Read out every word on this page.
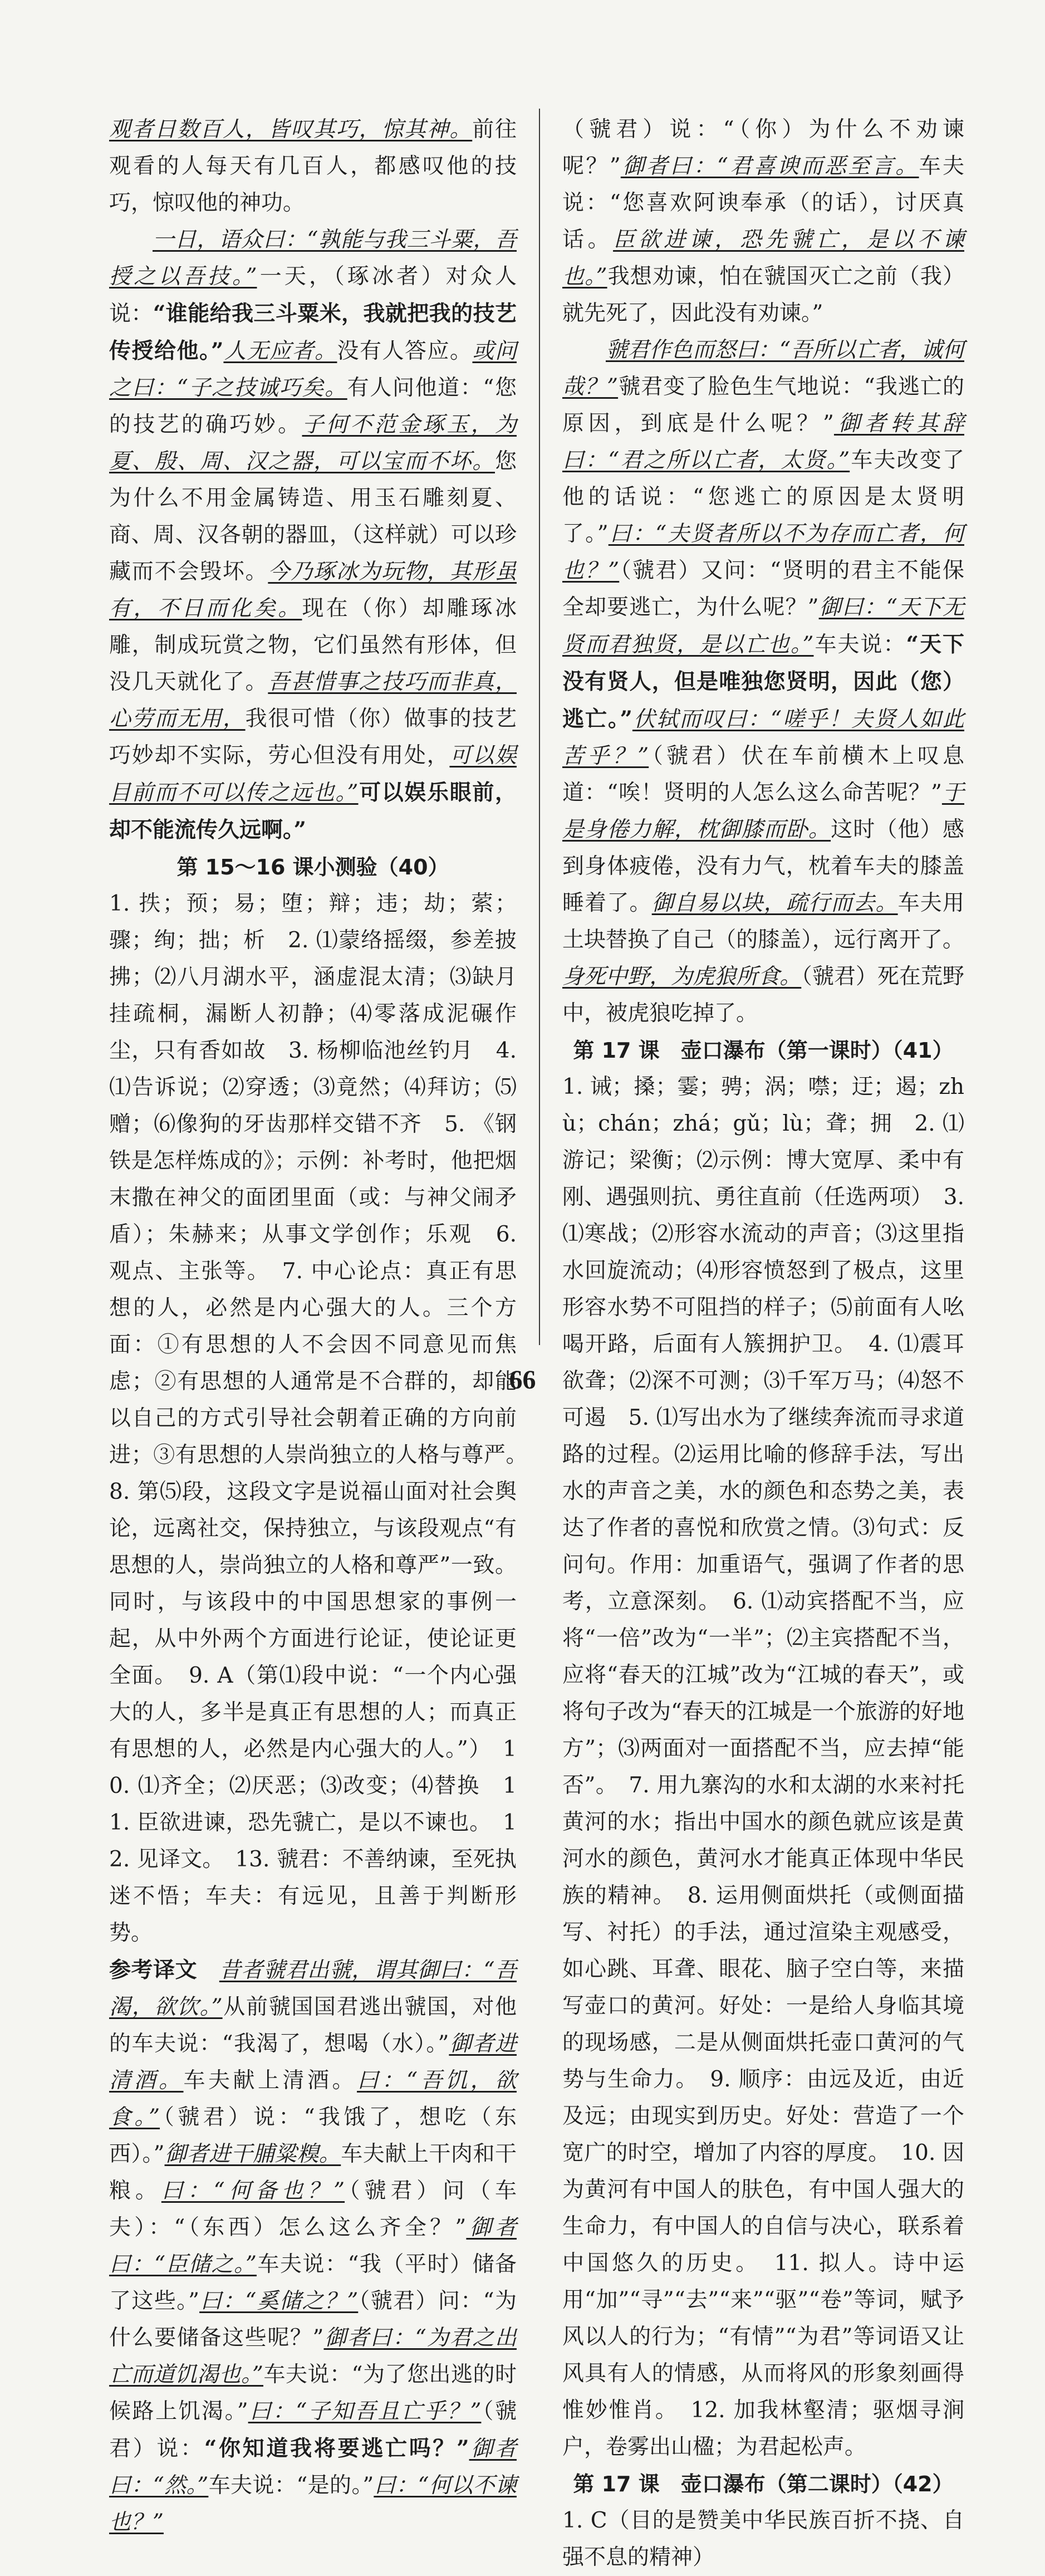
观者日数百人，皆叹其巧，惊其神。前往观看的人每天有几百人，都感叹他的技巧，惊叹他的神功。

一日，语众曰：“孰能与我三斗粟，吾授之以吾技。”一天，（琢冰者）对众人说：“谁能给我三斗粟米，我就把我的技艺传授给他。”人无应者。没有人答应。或问之曰：“子之技诚巧矣。有人问他道：“您的技艺的确巧妙。子何不范金琢玉，为夏、殷、周、汉之器，可以宝而不坏。您为什么不用金属铸造、用玉石雕刻夏、商、周、汉各朝的器皿，（这样就）可以珍藏而不会毁坏。今乃琢冰为玩物，其形虽有，不日而化矣。现在（你）却雕琢冰雕，制成玩赏之物，它们虽然有形体，但没几天就化了。吾甚惜事之技巧而非真，心劳而无用，我很可惜（你）做事的技艺巧妙却不实际，劳心但没有用处，可以娱目前而不可以传之远也。”可以娱乐眼前，却不能流传久远啊。”

第 15～16 课小测验（40）

1. 抶；预；易；堕；辩；违；劫；萦；骤；绚；拙；析　2. ⑴蒙络摇缀，参差披拂；⑵八月湖水平，涵虚混太清；⑶缺月挂疏桐，漏断人初静；⑷零落成泥碾作尘，只有香如故　3. 杨柳临池丝钓月　4. ⑴告诉说；⑵穿透；⑶竟然；⑷拜访；⑸赠；⑹像狗的牙齿那样交错不齐　5. 《钢铁是怎样炼成的》；示例：补考时，他把烟末撒在神父的面团里面（或：与神父闹矛盾）；朱赫来；从事文学创作；乐观　6. 观点、主张等。　7. 中心论点：真正有思想的人，必然是内心强大的人。三个方面：①有思想的人不会因不同意见而焦虑；②有思想的人通常是不合群的，却能以自己的方式引导社会朝着正确的方向前进；③有思想的人崇尚独立的人格与尊严。　8. 第⑸段，这段文字是说福山面对社会舆论，远离社交，保持独立，与该段观点“有思想的人，崇尚独立的人格和尊严”一致。同时，与该段中的中国思想家的事例一起，从中外两个方面进行论证，使论证更全面。　9. A（第⑴段中说：“一个内心强大的人，多半是真正有思想的人；而真正有思想的人，必然是内心强大的人。”）　10. ⑴齐全；⑵厌恶；⑶改变；⑷替换　11. 臣欲进谏，恐先虢亡，是以不谏也。　12. 见译文。　13. 虢君：不善纳谏，至死执迷不悟；车夫：有远见，且善于判断形势。

参考译文　 昔者虢君出虢，谓其御曰：“吾渴，欲饮。”从前虢国国君逃出虢国，对他的车夫说：“我渴了，想喝（水）。”御者进清酒。车夫献上清酒。曰：“吾饥，欲食。”（虢君）说：“我饿了，想吃（东西）。”御者进干脯粱糗。车夫献上干肉和干粮。曰：“何备也？”（虢君）问（车夫）：“（东西）怎么这么齐全？”御者曰：“臣储之。”车夫说：“我（平时）储备了这些。”曰：“奚储之？”（虢君）问：“为什么要储备这些呢？”御者曰：“为君之出亡而道饥渴也。”车夫说：“为了您出逃的时候路上饥渴。”曰：“子知吾且亡乎？”（虢君）说：“你知道我将要逃亡吗？”御者曰：“然。”车夫说：“是的。”曰：“何以不谏也？”

（虢君）说：“（你）为什么不劝谏呢？”御者曰：“君喜谀而恶至言。车夫说：“您喜欢阿谀奉承（的话），讨厌真话。臣欲进谏，恐先虢亡，是以不谏也。”我想劝谏，怕在虢国灭亡之前（我）就先死了，因此没有劝谏。”

虢君作色而怒曰：“吾所以亡者，诚何哉？”虢君变了脸色生气地说：“我逃亡的原因，到底是什么呢？”御者转其辞曰：“君之所以亡者，太贤。”车夫改变了他的话说：“您逃亡的原因是太贤明了。”曰：“夫贤者所以不为存而亡者，何也？”（虢君）又问：“贤明的君主不能保全却要逃亡，为什么呢？”御曰：“天下无贤而君独贤，是以亡也。”车夫说：“天下没有贤人，但是唯独您贤明，因此（您）逃亡。”伏轼而叹曰：“嗟乎！夫贤人如此苦乎？”（虢君）伏在车前横木上叹息道：“唉！贤明的人怎么这么命苦呢？”于是身倦力解，枕御膝而卧。这时（他）感到身体疲倦，没有力气，枕着车夫的膝盖睡着了。御自易以块，疏行而去。车夫用土块替换了自己（的膝盖），远行离开了。身死中野，为虎狼所食。（虢君）死在荒野中，被虎狼吃掉了。

第 17 课　壶口瀑布（第一课时）（41）

1. 诫；搡；霎；骋；涡；噤；迂；遏；zhù；chán；zhá；gǔ；lù；聋；拥　2. ⑴游记；梁衡；⑵示例：博大宽厚、柔中有刚、遇强则抗、勇往直前（任选两项）　3. ⑴寒战；⑵形容水流动的声音；⑶这里指水回旋流动；⑷形容愤怒到了极点，这里形容水势不可阻挡的样子；⑸前面有人吆喝开路，后面有人簇拥护卫。　4. ⑴震耳欲聋；⑵深不可测；⑶千军万马；⑷怒不可遏　5. ⑴写出水为了继续奔流而寻求道路的过程。⑵运用比喻的修辞手法，写出水的声音之美，水的颜色和态势之美，表达了作者的喜悦和欣赏之情。⑶句式：反问句。作用：加重语气，强调了作者的思考，立意深刻。　6. ⑴动宾搭配不当，应将“一倍”改为“一半”；⑵主宾搭配不当，应将“春天的江城”改为“江城的春天”，或将句子改为“春天的江城是一个旅游的好地方”；⑶两面对一面搭配不当，应去掉“能否”。　7. 用九寨沟的水和太湖的水来衬托黄河的水；指出中国水的颜色就应该是黄河水的颜色，黄河水才能真正体现中华民族的精神。　8. 运用侧面烘托（或侧面描写、衬托）的手法，通过渲染主观感受，如心跳、耳聋、眼花、脑子空白等，来描写壶口的黄河。好处：一是给人身临其境的现场感，二是从侧面烘托壶口黄河的气势与生命力。　9. 顺序：由远及近，由近及远；由现实到历史。好处：营造了一个宽广的时空，增加了内容的厚度。　10. 因为黄河有中国人的肤色，有中国人强大的生命力，有中国人的自信与决心，联系着中国悠久的历史。　11. 拟人。诗中运用“加”“寻”“去”“来”“驱”“卷”等词，赋予风以人的行为；“有情”“为君”等词语又让风具有人的情感，从而将风的形象刻画得惟妙惟肖。　12. 加我林壑清；驱烟寻涧户，卷雾出山楹；为君起松声。

第 17 课　壶口瀑布（第二课时）（42）

1. C（目的是赞美中华民族百折不挠、自强不息的精神）

66
